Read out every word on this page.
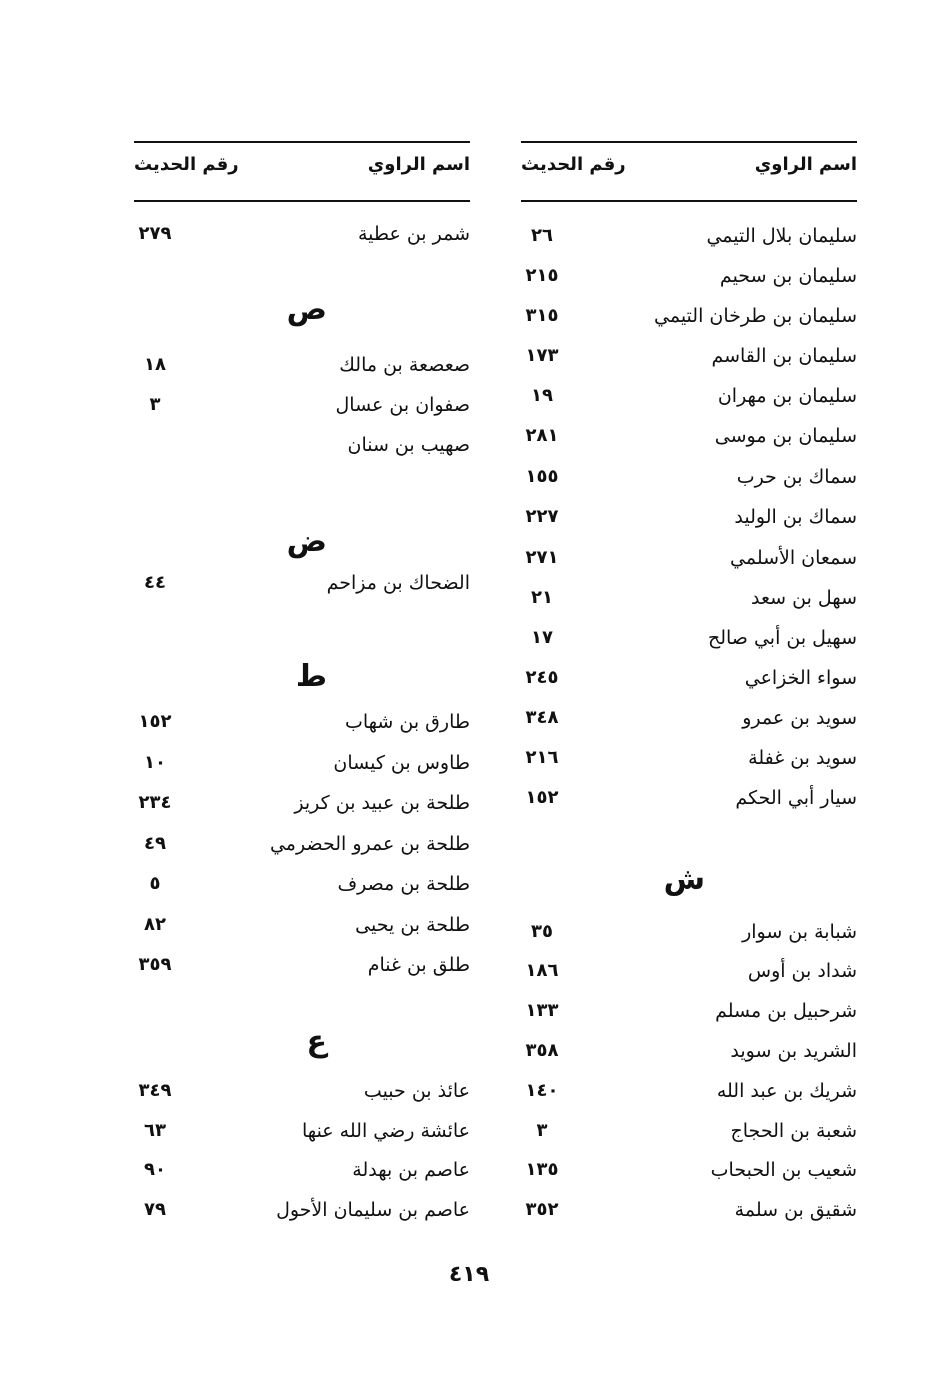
اسم الراوي
رقم الحديث
سليمان بلال التيمي
٢٦
سليمان بن سحيم
٢١٥
سليمان بن طرخان التيمي
٣١٥
سليمان بن القاسم
١٧٣
سليمان بن مهران
١٩
سليمان بن موسى
٢٨١
سماك بن حرب
١٥٥
سماك بن الوليد
٢٢٧
سمعان الأسلمي
٢٧١
سهل بن سعد
٢١
سهيل بن أبي صالح
١٧
سواء الخزاعي
٢٤٥
سويد بن عمرو
٣٤٨
سويد بن غفلة
٢١٦
سيار أبي الحكم
١٥٢
ش
شبابة بن سوار
٣٥
شداد بن أوس
١٨٦
شرحبيل بن مسلم
١٣٣
الشريد بن سويد
٣٥٨
شريك بن عبد الله
١٤٠
شعبة بن الحجاج
٣
شعيب بن الحبحاب
١٣٥
شقيق بن سلمة
٣٥٢
اسم الراوي
رقم الحديث
شمر بن عطية
٢٧٩
ص
صعصعة بن مالك
١٨
صفوان بن عسال
٣
صهيب بن سنان
ض
الضحاك بن مزاحم
٤٤
ط
طارق بن شهاب
١٥٢
طاوس بن كيسان
١٠
طلحة بن عبيد بن كريز
٢٣٤
طلحة بن عمرو الحضرمي
٤٩
طلحة بن مصرف
٥
طلحة بن يحيى
٨٢
طلق بن غنام
٣٥٩
ع
عائذ بن حبيب
٣٤٩
عائشة رضي الله عنها
٦٣
عاصم بن بهدلة
٩٠
عاصم بن سليمان الأحول
٧٩
٤١٩
